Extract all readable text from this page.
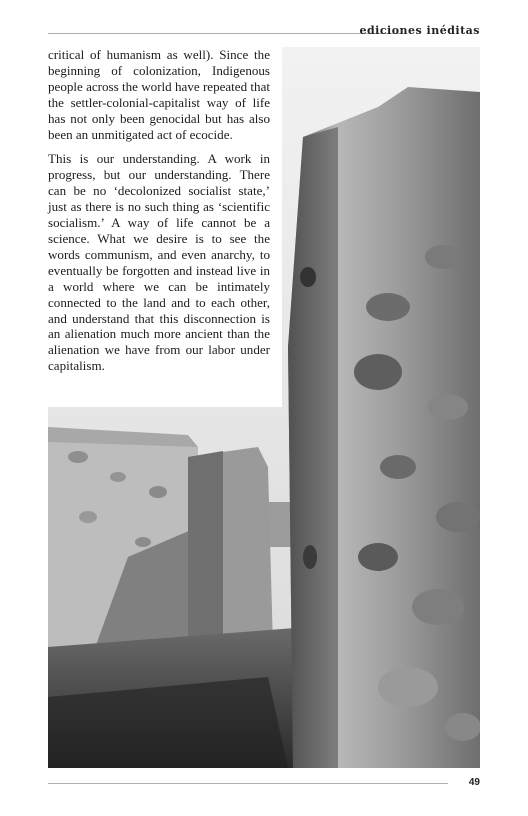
ediciones inéditas

critical of humanism as well). Since the beginning of colonization, Indigenous people across the world have repeated that the settler-colonial-capitalist way of life has not only been genocidal but has also been an unmitigated act of ecocide.

This is our understanding. A work in progress, but our understanding. There can be no ‘decolonized socialist state,’ just as there is no such thing as ‘scientific socialism.’ A way of life cannot be a science. What we desire is to see the words communism, and even anarchy, to eventually be forgotten and instead live in a world where we can be intimately connected to the land and to each other, and understand that this disconnection is an alienation much more ancient than the alienation we have from our labor under capitalism.

49
